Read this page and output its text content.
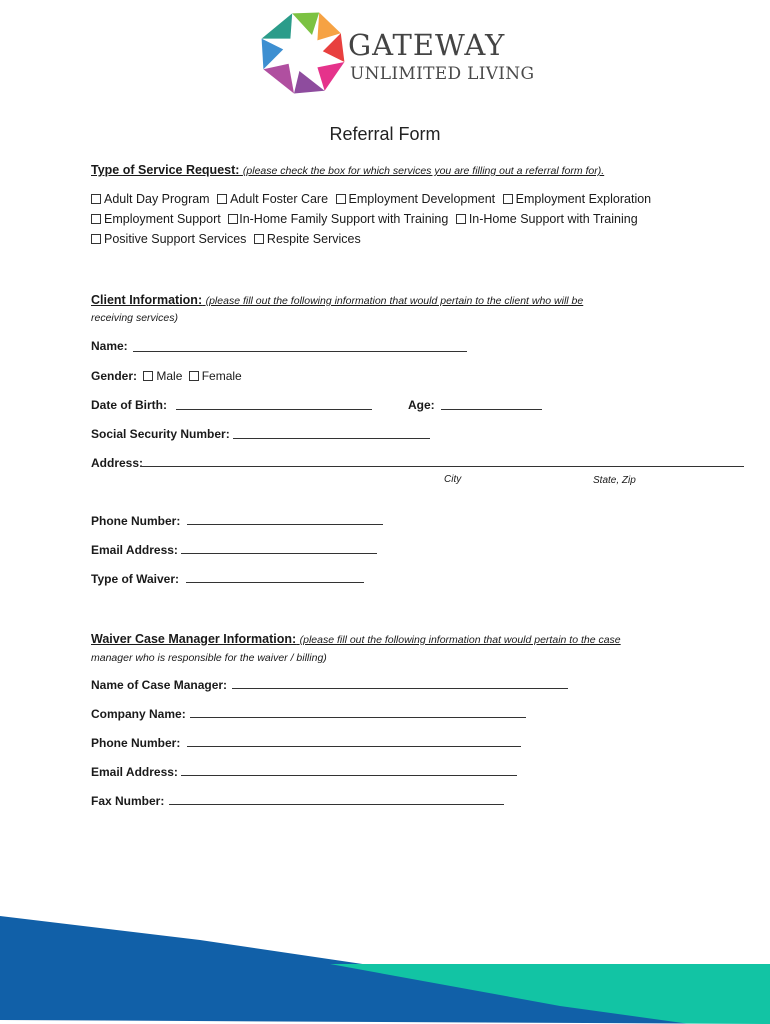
GATEWAY
UNLIMITED LIVING
Referral Form
Type of Service Request: (please check the box for which services you are filling out a referral form for).
Adult Day Program Adult Foster Care Employment Development Employment Exploration
Employment Support In-Home Family Support with Training In-Home Support with Training
Positive Support Services Respite Services
Client Information: (please fill out the following information that would pertain to the client who will be
receiving services)
Name:
Gender: Male Female
Date of Birth:	Age:
Social Security Number:
Address:
City	State, Zip
Phone Number:
Email Address:
Type of Waiver:
Waiver Case Manager Information: (please fill out the following information that would pertain to the case
manager who is responsible for the waiver / billing)
Name of Case Manager:
Company Name:
Phone Number:
Email Address:
Fax Number:
